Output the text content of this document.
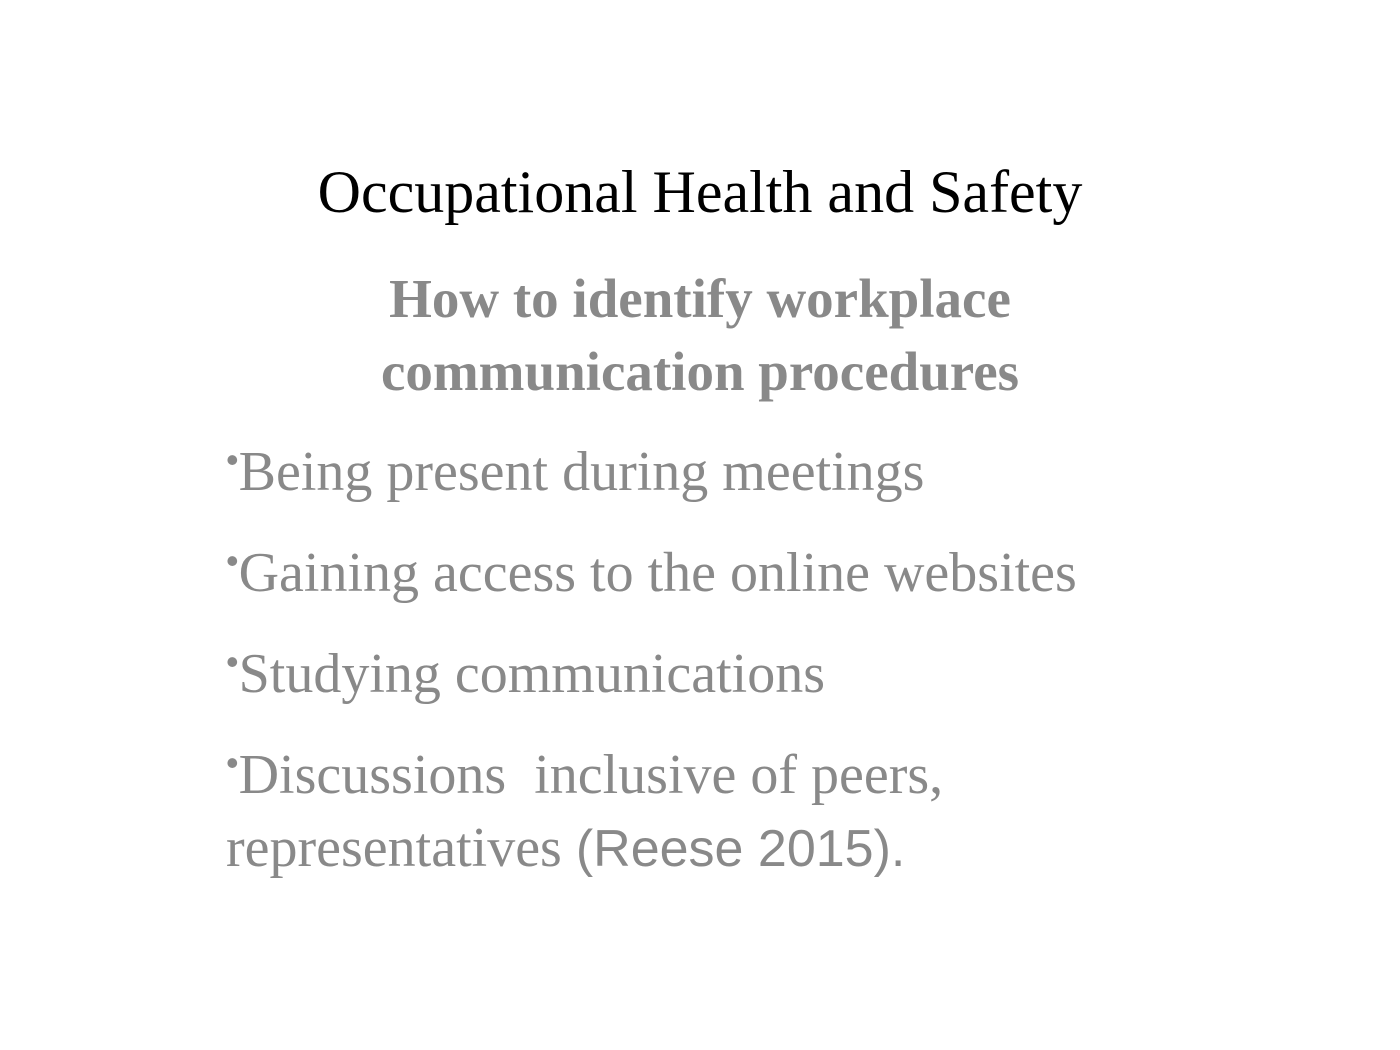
Occupational Health and Safety
How to identify workplace communication procedures
•Being present during meetings
•Gaining access to the online websites
•Studying communications
•Discussions  inclusive of peers, representatives (Reese 2015).
